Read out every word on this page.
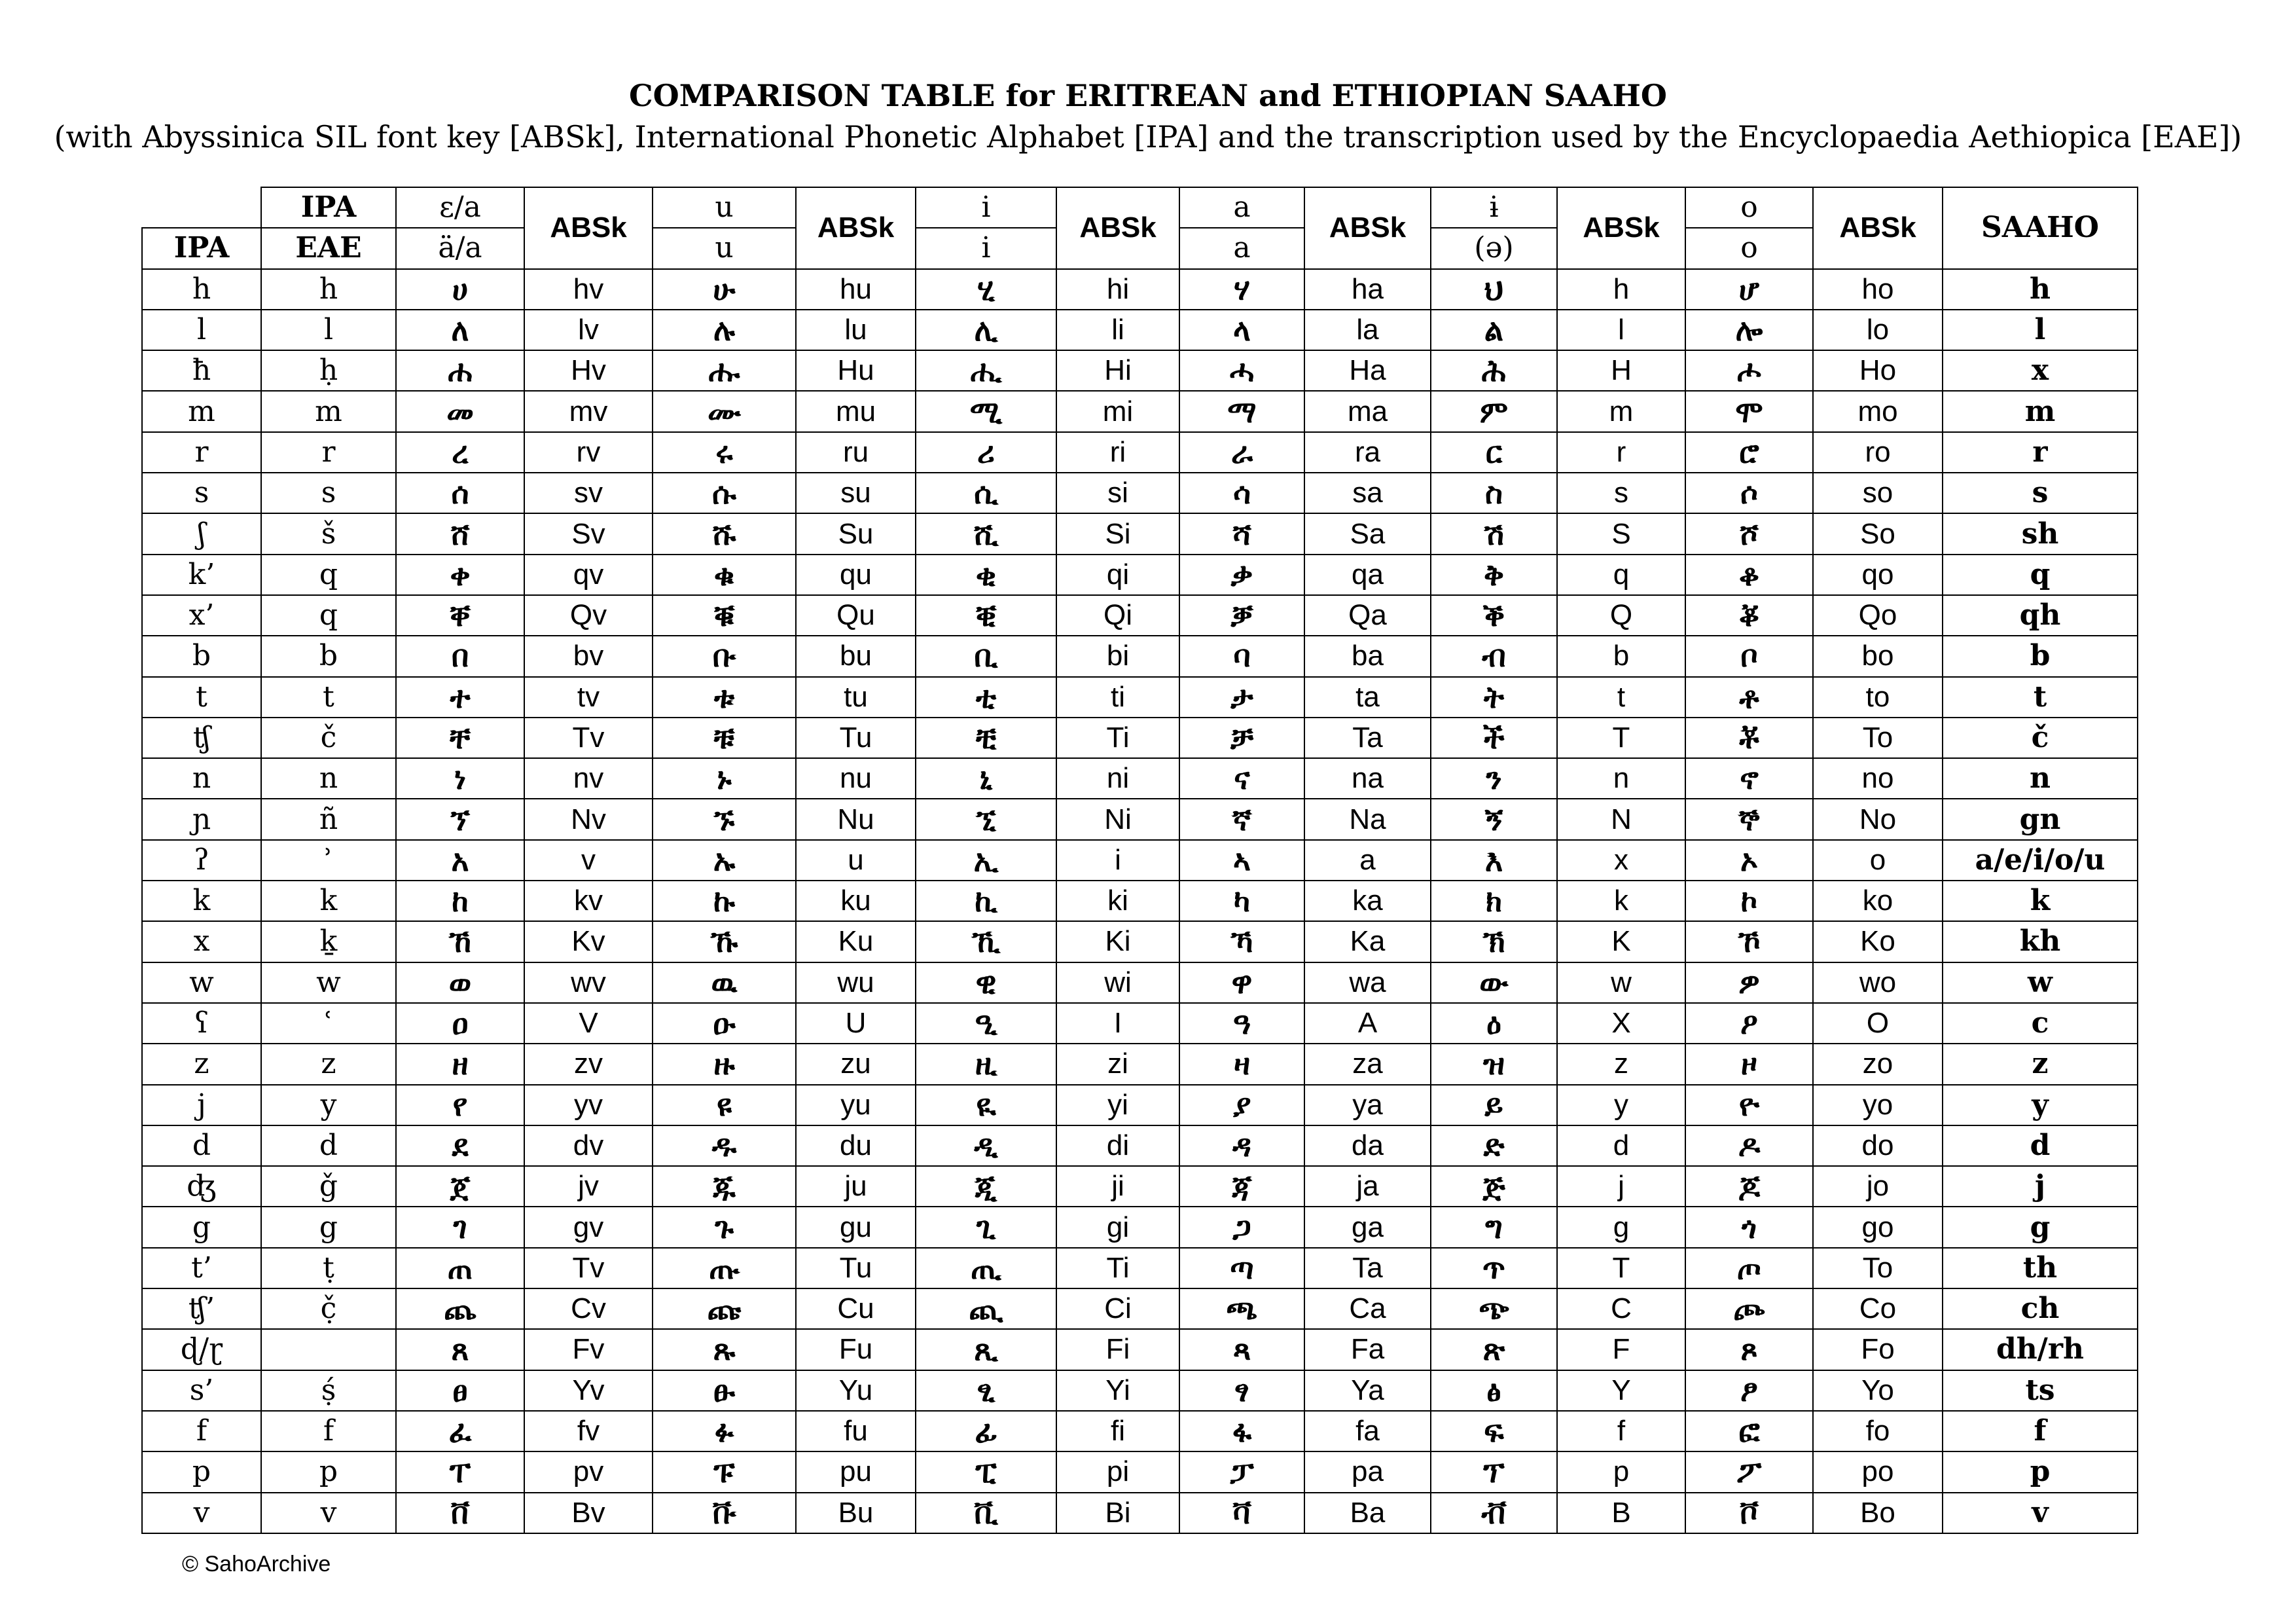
COMPARISON TABLE for ERITREAN and ETHIOPIAN SAAHO
(with Abyssinica SIL font key [ABSk], International Phonetic Alphabet [IPA] and the transcription used by the Encyclopaedia Aethiopica [EAE])
	IPA	ɛ/a	ABSk	u	ABSk	i	ABSk	a	ABSk	ɨ	ABSk	o	ABSk	SAAHO
IPA	EAE	ä/a		u		i		a		(ə)		o		
h	h	ሀ	hv	ሁ	hu	ሂ	hi	ሃ	ha	ህ	h	ሆ	ho	h
l	l	ለ	lv	ሉ	lu	ሊ	li	ላ	la	ል	l	ሎ	lo	l
ħ	ḥ	ሐ	Hv	ሑ	Hu	ሒ	Hi	ሓ	Ha	ሕ	H	ሖ	Ho	x
m	m	መ	mv	ሙ	mu	ሚ	mi	ማ	ma	ም	m	ሞ	mo	m
r	r	ረ	rv	ሩ	ru	ሪ	ri	ራ	ra	ር	r	ሮ	ro	r
s	s	ሰ	sv	ሱ	su	ሲ	si	ሳ	sa	ስ	s	ሶ	so	s
ʃ	š	ሸ	Sv	ሹ	Su	ሺ	Si	ሻ	Sa	ሽ	S	ሾ	So	sh
k’	q	ቀ	qv	ቁ	qu	ቂ	qi	ቃ	qa	ቅ	q	ቆ	qo	q
x’	q	ቐ	Qv	ቑ	Qu	ቒ	Qi	ቓ	Qa	ቕ	Q	ቖ	Qo	qh
b	b	በ	bv	ቡ	bu	ቢ	bi	ባ	ba	ብ	b	ቦ	bo	b
t	t	ተ	tv	ቱ	tu	ቲ	ti	ታ	ta	ት	t	ቶ	to	t
ʧ	č	ቸ	Tv	ቹ	Tu	ቺ	Ti	ቻ	Ta	ች	T	ቾ	To	č
n	n	ነ	nv	ኑ	nu	ኒ	ni	ና	na	ን	n	ኖ	no	n
ɲ	ñ	ኘ	Nv	ኙ	Nu	ኚ	Ni	ኛ	Na	ኝ	N	ኞ	No	gn
ʔ	ʾ	አ	v	ኡ	u	ኢ	i	ኣ	a	እ	x	ኦ	o	a/e/i/o/u
k	k	ከ	kv	ኩ	ku	ኪ	ki	ካ	ka	ክ	k	ኮ	ko	k
x	ḵ	ኸ	Kv	ኹ	Ku	ኺ	Ki	ኻ	Ka	ኽ	K	ኾ	Ko	kh
w	w	ወ	wv	ዉ	wu	ዊ	wi	ዋ	wa	ው	w	ዎ	wo	w
ʕ	ʿ	ዐ	V	ዑ	U	ዒ	I	ዓ	A	ዕ	X	ዖ	O	c
z	z	ዘ	zv	ዙ	zu	ዚ	zi	ዛ	za	ዝ	z	ዞ	zo	z
j	y	የ	yv	ዩ	yu	ዪ	yi	ያ	ya	ይ	y	ዮ	yo	y
d	d	ደ	dv	ዱ	du	ዲ	di	ዳ	da	ድ	d	ዶ	do	d
ʤ	ǧ	ጀ	jv	ጁ	ju	ጂ	ji	ጃ	ja	ጅ	j	ጆ	jo	j
g	g	ገ	gv	ጉ	gu	ጊ	gi	ጋ	ga	ግ	g	ጎ	go	g
t’	ṭ	ጠ	Tv	ጡ	Tu	ጢ	Ti	ጣ	Ta	ጥ	T	ጦ	To	th
ʧ’	č̣	ጨ	Cv	ጩ	Cu	ጪ	Ci	ጫ	Ca	ጭ	C	ጮ	Co	ch
ɖ/ɽ		ጸ	Fv	ጹ	Fu	ጺ	Fi	ጻ	Fa	ጽ	F	ጾ	Fo	dh/rh
s’	ṣ́	ፀ	Yv	ፁ	Yu	ፂ	Yi	ፃ	Ya	ፅ	Y	ፆ	Yo	ts
f	f	ፈ	fv	ፉ	fu	ፊ	fi	ፋ	fa	ፍ	f	ፎ	fo	f
p	p	ፐ	pv	ፑ	pu	ፒ	pi	ፓ	pa	ፕ	p	ፖ	po	p
v	v	ቨ	Bv	ቩ	Bu	ቪ	Bi	ቫ	Ba	ቭ	B	ቮ	Bo	v
© SahoArchive
